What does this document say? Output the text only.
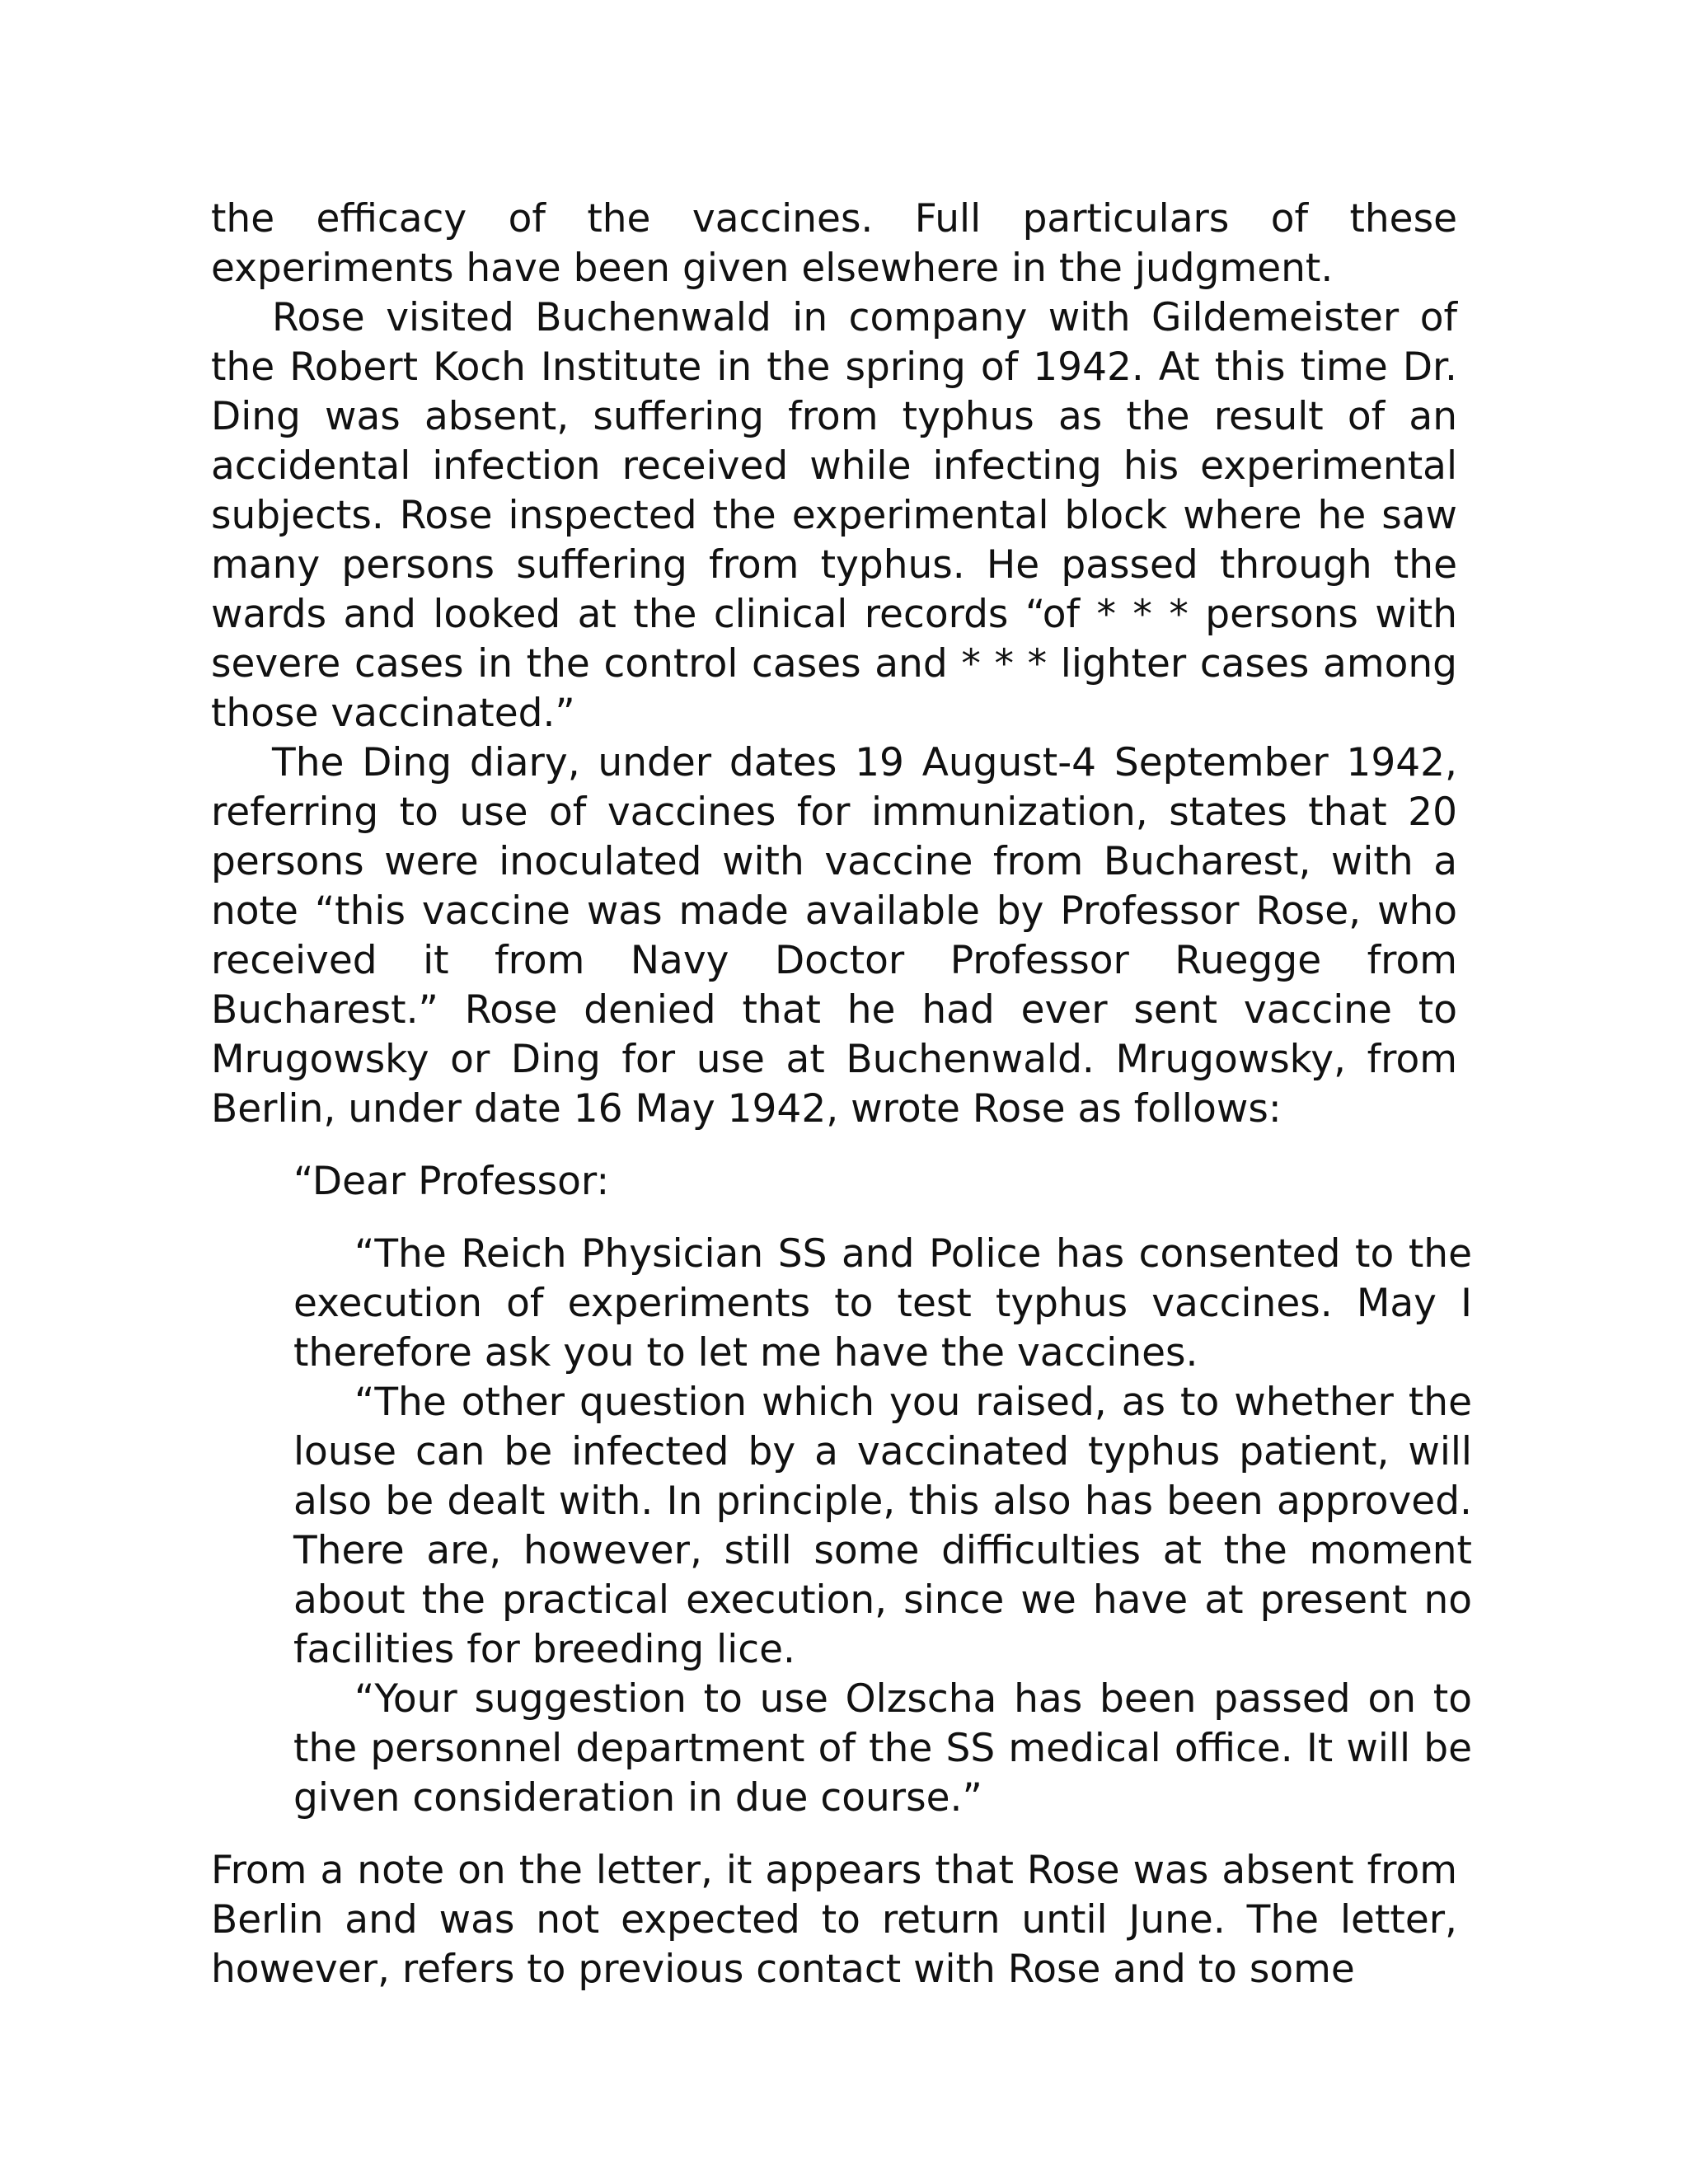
the efficacy of the vaccines. Full particulars of these experiments have been given elsewhere in the judgment.

Rose visited Buchenwald in company with Gildemeister of the Robert Koch Institute in the spring of 1942. At this time Dr. Ding was absent, suffering from typhus as the result of an accidental infection received while infecting his experimental subjects. Rose inspected the experimental block where he saw many persons suffering from typhus. He passed through the wards and looked at the clinical records “of * * * persons with severe cases in the control cases and * * * lighter cases among those vaccinated.”

The Ding diary, under dates 19 August-4 September 1942, referring to use of vaccines for immunization, states that 20 persons were inoculated with vaccine from Bucharest, with a note “this vaccine was made available by Professor Rose, who received it from Navy Doctor Professor Ruegge from Bucharest.” Rose denied that he had ever sent vaccine to Mrugowsky or Ding for use at Buchenwald. Mrugowsky, from Berlin, under date 16 May 1942, wrote Rose as follows:

“Dear Professor:

“The Reich Physician SS and Police has consented to the execution of experiments to test typhus vaccines. May I therefore ask you to let me have the vaccines.

“The other question which you raised, as to whether the louse can be infected by a vaccinated typhus patient, will also be dealt with. In principle, this also has been approved. There are, however, still some difficulties at the moment about the practical execution, since we have at present no facilities for breeding lice.

“Your suggestion to use Olzscha has been passed on to the personnel department of the SS medical office. It will be given consideration in due course.”

From a note on the letter, it appears that Rose was absent from Berlin and was not expected to return until June. The letter, however, refers to previous contact with Rose and to some
